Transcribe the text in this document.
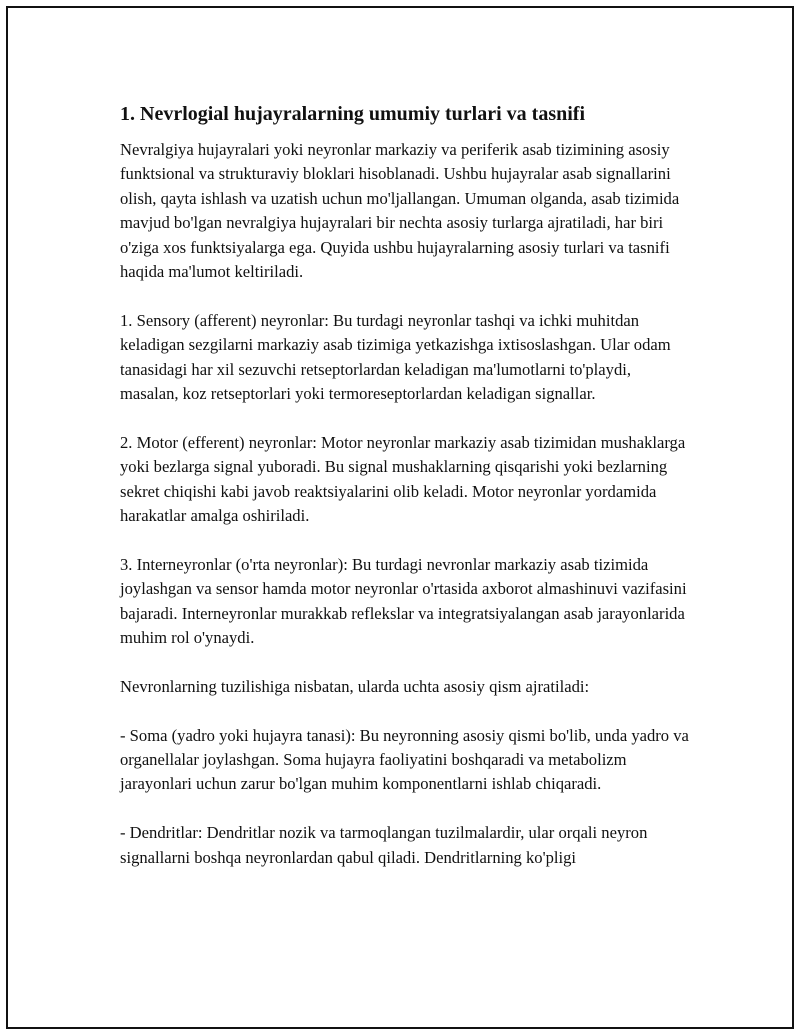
1. Nevrlogial hujayralarning umumiy turlari va tasnifi

Nevralgiya hujayralari yoki neyronlar markaziy va periferik asab tizimining asosiy funktsional va strukturaviy bloklari hisoblanadi. Ushbu hujayralar asab signallarini olish, qayta ishlash va uzatish uchun mo'ljallangan. Umuman olganda, asab tizimida mavjud bo'lgan nevralgiya hujayralari bir nechta asosiy turlarga ajratiladi, har biri o'ziga xos funktsiyalarga ega. Quyida ushbu hujayralarning asosiy turlari va tasnifi haqida ma'lumot keltiriladi.

1. Sensory (afferent) neyronlar: Bu turdagi neyronlar tashqi va ichki muhitdan keladigan sezgilarni markaziy asab tizimiga yetkazishga ixtisoslashgan. Ular odam tanasidagi har xil sezuvchi retseptorlardan keladigan ma'lumotlarni to'playdi, masalan, koz retseptorlari yoki termoreseptorlardan keladigan signallar.

2. Motor (efferent) neyronlar: Motor neyronlar markaziy asab tizimidan mushaklarga yoki bezlarga signal yuboradi. Bu signal mushaklarning qisqarishi yoki bezlarning sekret chiqishi kabi javob reaktsiyalarini olib keladi. Motor neyronlar yordamida harakatlar amalga oshiriladi.

3. Interneyronlar (o'rta neyronlar): Bu turdagi nevronlar markaziy asab tizimida joylashgan va sensor hamda motor neyronlar o'rtasida axborot almashinuvi vazifasini bajaradi. Interneyronlar murakkab reflekslar va integratsiyalangan asab jarayonlarida muhim rol o'ynaydi.

Nevronlarning tuzilishiga nisbatan, ularda uchta asosiy qism ajratiladi:

- Soma (yadro yoki hujayra tanasi): Bu neyronning asosiy qismi bo'lib, unda yadro va organellalar joylashgan. Soma hujayra faoliyatini boshqaradi va metabolizm jarayonlari uchun zarur bo'lgan muhim komponentlarni ishlab chiqaradi.

- Dendritlar: Dendritlar nozik va tarmoqlangan tuzilmalardir, ular orqali neyron signallarni boshqa neyronlardan qabul qiladi. Dendritlarning ko'pligi
